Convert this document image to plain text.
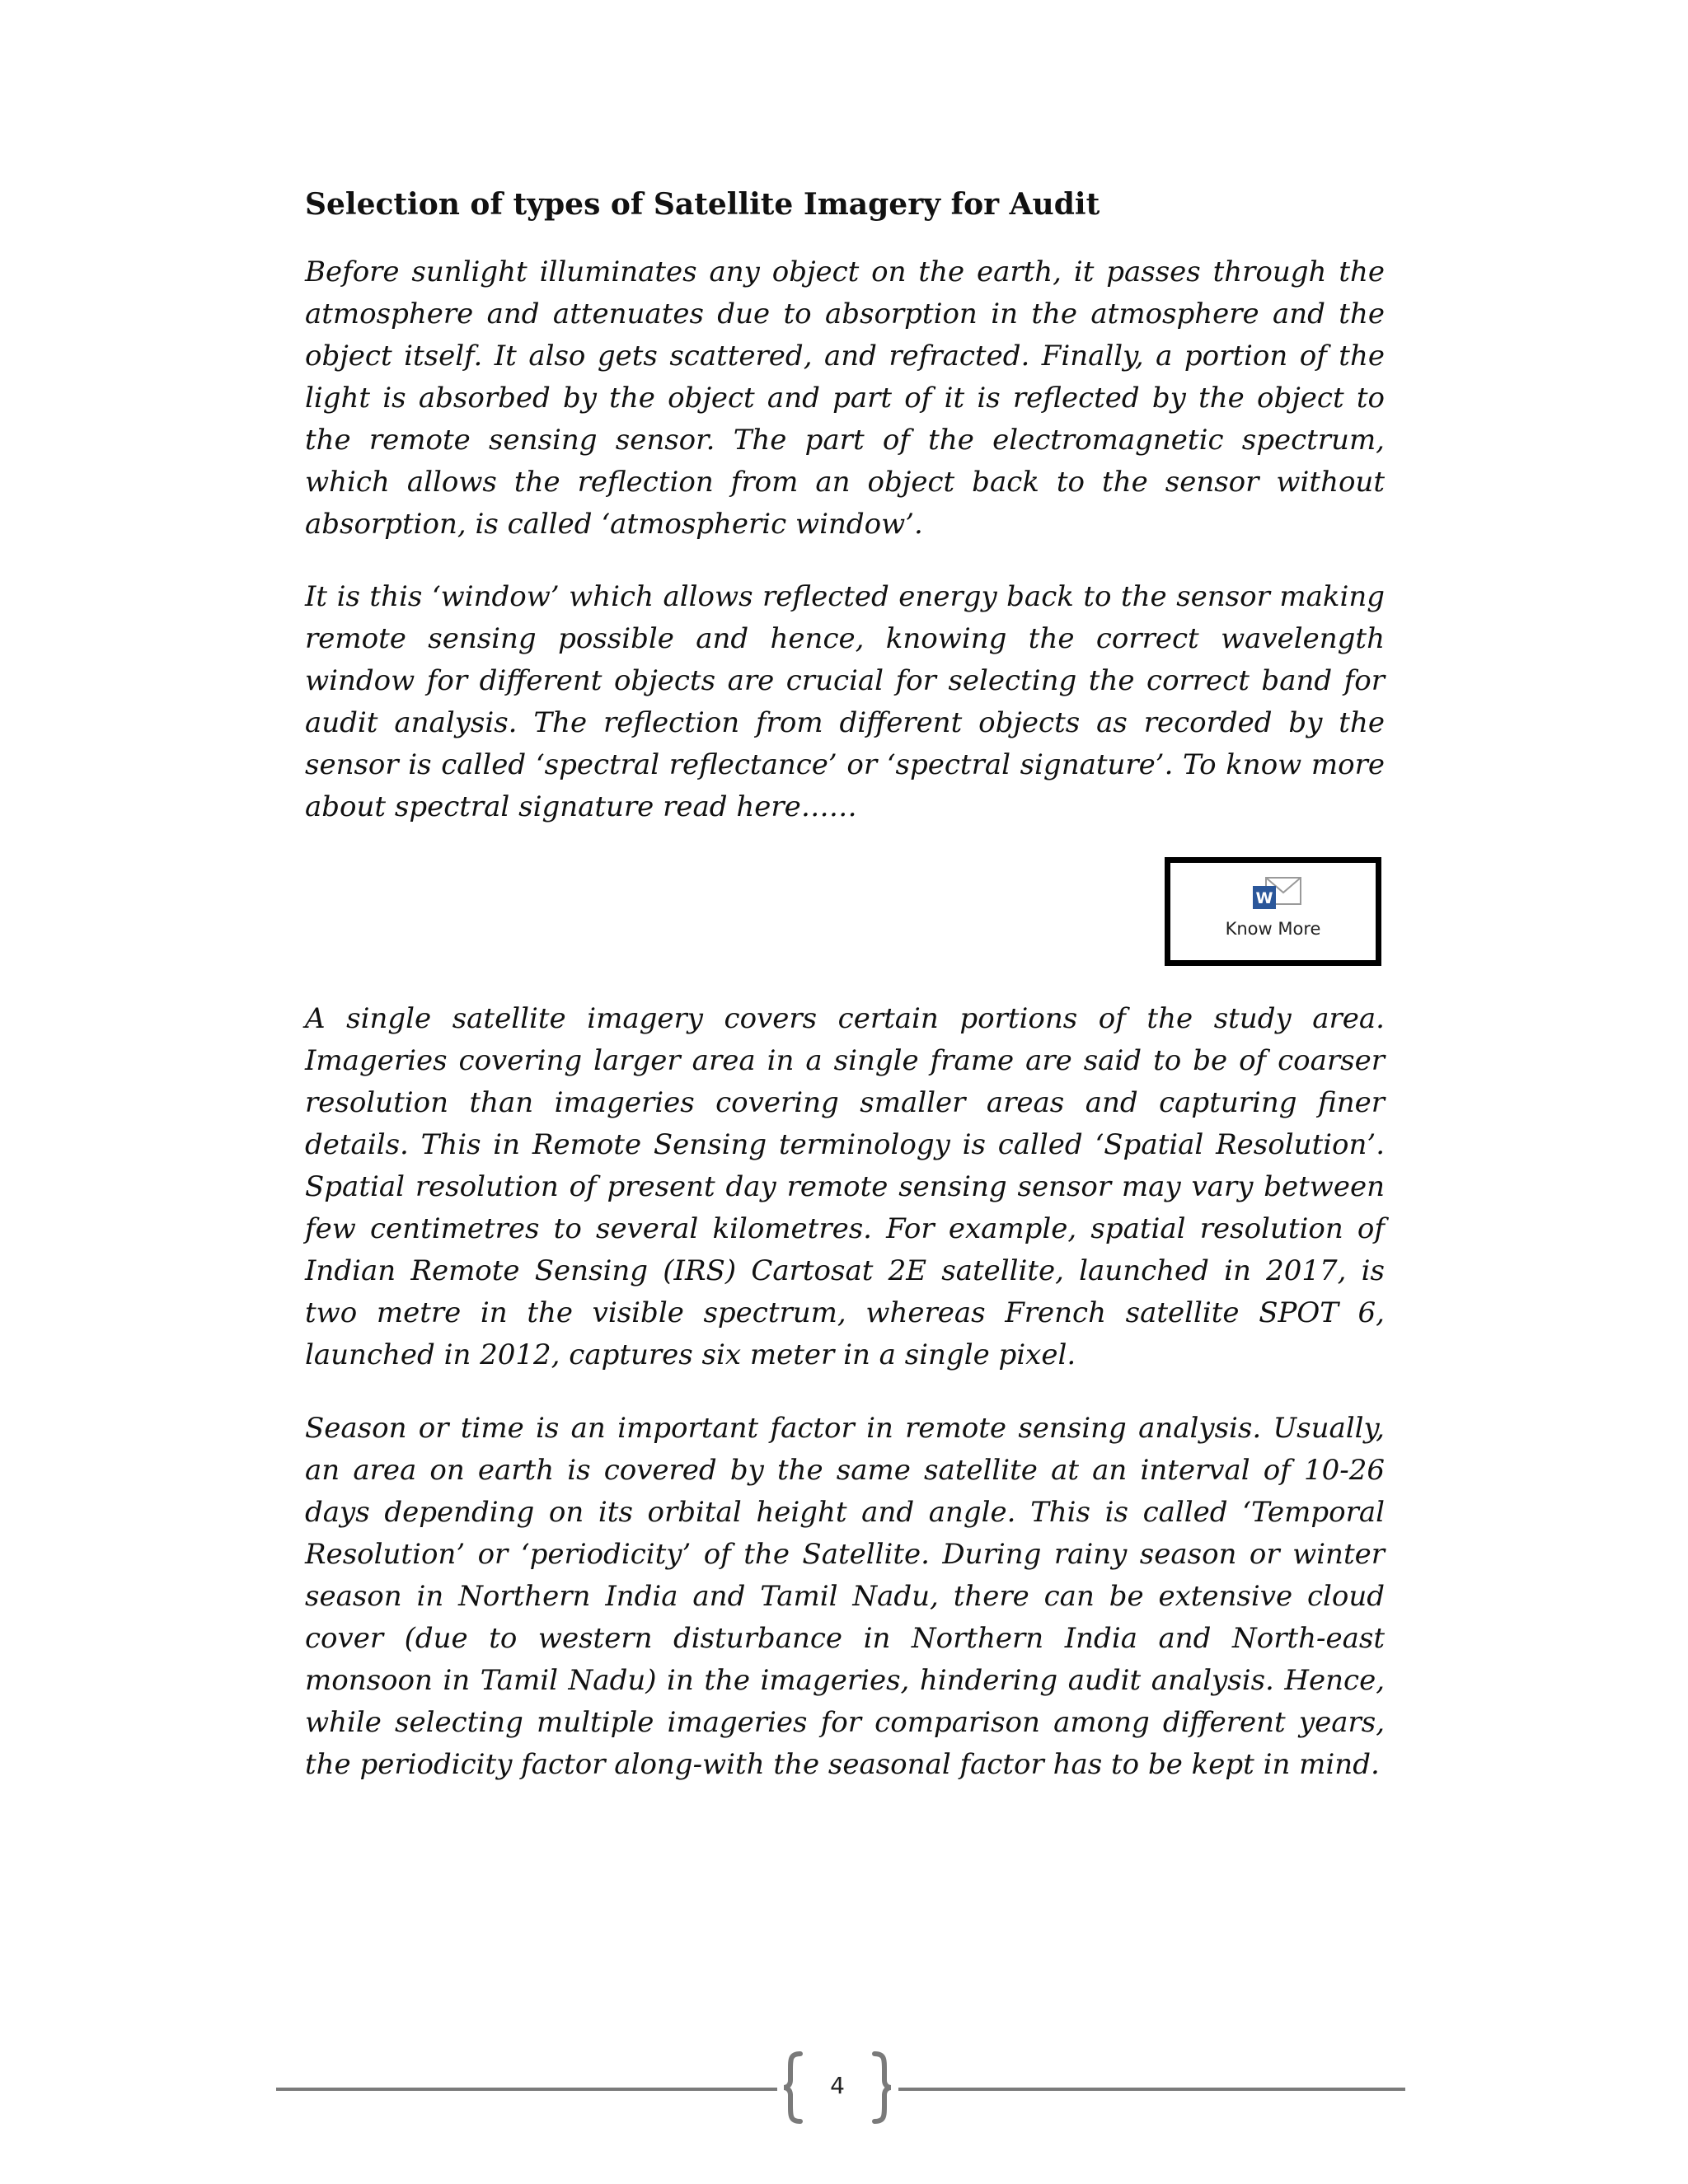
Selection of types of Satellite Imagery for Audit

Before sunlight illuminates any object on the earth, it passes through the atmosphere and attenuates due to absorption in the atmosphere and the object itself. It also gets scattered, and refracted. Finally, a portion of the light is absorbed by the object and part of it is reflected by the object to the remote sensing sensor. The part of the electromagnetic spectrum, which allows the reflection from an object back to the sensor without absorption, is called ‘atmospheric window’.

It is this ‘window’ which allows reflected energy back to the sensor making remote sensing possible and hence, knowing the correct wavelength window for different objects are crucial for selecting the correct band for audit analysis. The reflection from different objects as recorded by the sensor is called ‘spectral reflectance’ or ‘spectral signature’. To know more about spectral signature read here……

W
Know More

A single satellite imagery covers certain portions of the study area. Imageries covering larger area in a single frame are said to be of coarser resolution than imageries covering smaller areas and capturing finer details. This in Remote Sensing terminology is called ‘Spatial Resolution’. Spatial resolution of present day remote sensing sensor may vary between few centimetres to several kilometres. For example, spatial resolution of Indian Remote Sensing (IRS) Cartosat 2E satellite, launched in 2017, is two metre in the visible spectrum, whereas French satellite SPOT 6, launched in 2012, captures six meter in a single pixel.

Season or time is an important factor in remote sensing analysis. Usually, an area on earth is covered by the same satellite at an interval of 10-26 days depending on its orbital height and angle. This is called ‘Temporal Resolution’ or ‘periodicity’ of the Satellite. During rainy season or winter season in Northern India and Tamil Nadu, there can be extensive cloud cover (due to western disturbance in Northern India and North-east monsoon in Tamil Nadu) in the imageries, hindering audit analysis. Hence, while selecting multiple imageries for comparison among different years, the periodicity factor along-with the seasonal factor has to be kept in mind.

4
